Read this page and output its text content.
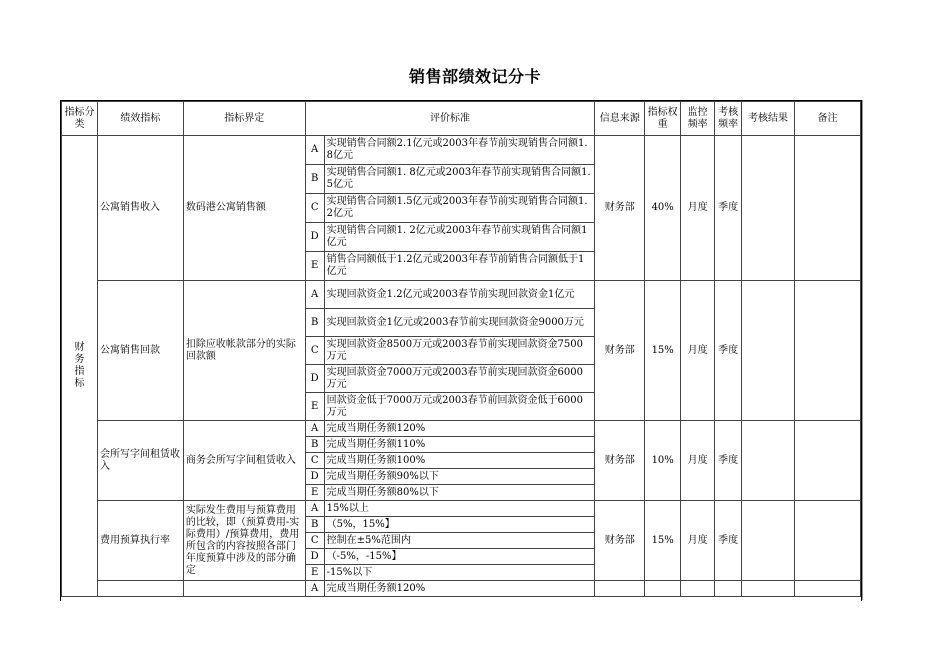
销售部绩效记分卡
指标分类	绩效指标	指标界定	评价标准		信息来源	指标权重	监控频率	考核频率	考核结果	备注
财务指标	公寓销售收入	数码港公寓销售额	A	实现销售合同额2.1亿元或2003年春节前实现销售合同额1.8亿元	财务部	40%	月度	季度		
			B	实现销售合同额1. 8亿元或2003年春节前实现销售合同额1. 5亿元						
			C	实现销售合同额1.5亿元或2003年春节前实现销售合同额1.2亿元						
			D	实现销售合同额1. 2亿元或2003年春节前实现销售合同额1亿元						
			E	销售合同额低于1.2亿元或2003年春节前销售合同额低于1亿元						
	公寓销售回款	扣除应收帐款部分的实际回款额	A	实现回款资金1.2亿元或2003春节前实现回款资金1亿元	财务部	15%	月度	季度		
			B	实现回款资金1亿元或2003春节前实现回款资金9000万元						
			C	实现回款资金8500万元或2003春节前实现回款资金7500万元						
			D	实现回款资金7000万元或2003春节前实现回款资金6000万元						
			E	回款资金低于7000万元或2003春节前回款资金低于6000万元						
	会所写字间租赁收入	商务会所写字间租赁收入	A	完成当期任务额120%	财务部	10%	月度	季度		
			B	完成当期任务额110%						
			C	完成当期任务额100%						
			D	完成当期任务额90%以下						
			E	完成当期任务额80%以下						
	费用预算执行率	实际发生费用与预算费用的比较，即（预算费用-实际费用）/预算费用，费用所包含的内容按照各部门年度预算中涉及的部分确定	A	15%以上	财务部	15%	月度	季度		
			B	（5%，15%】						
			C	控制在±5%范围内						
			D	（-5%，-15%】						
			E	-15%以下						
			A	完成当期任务额120%						
